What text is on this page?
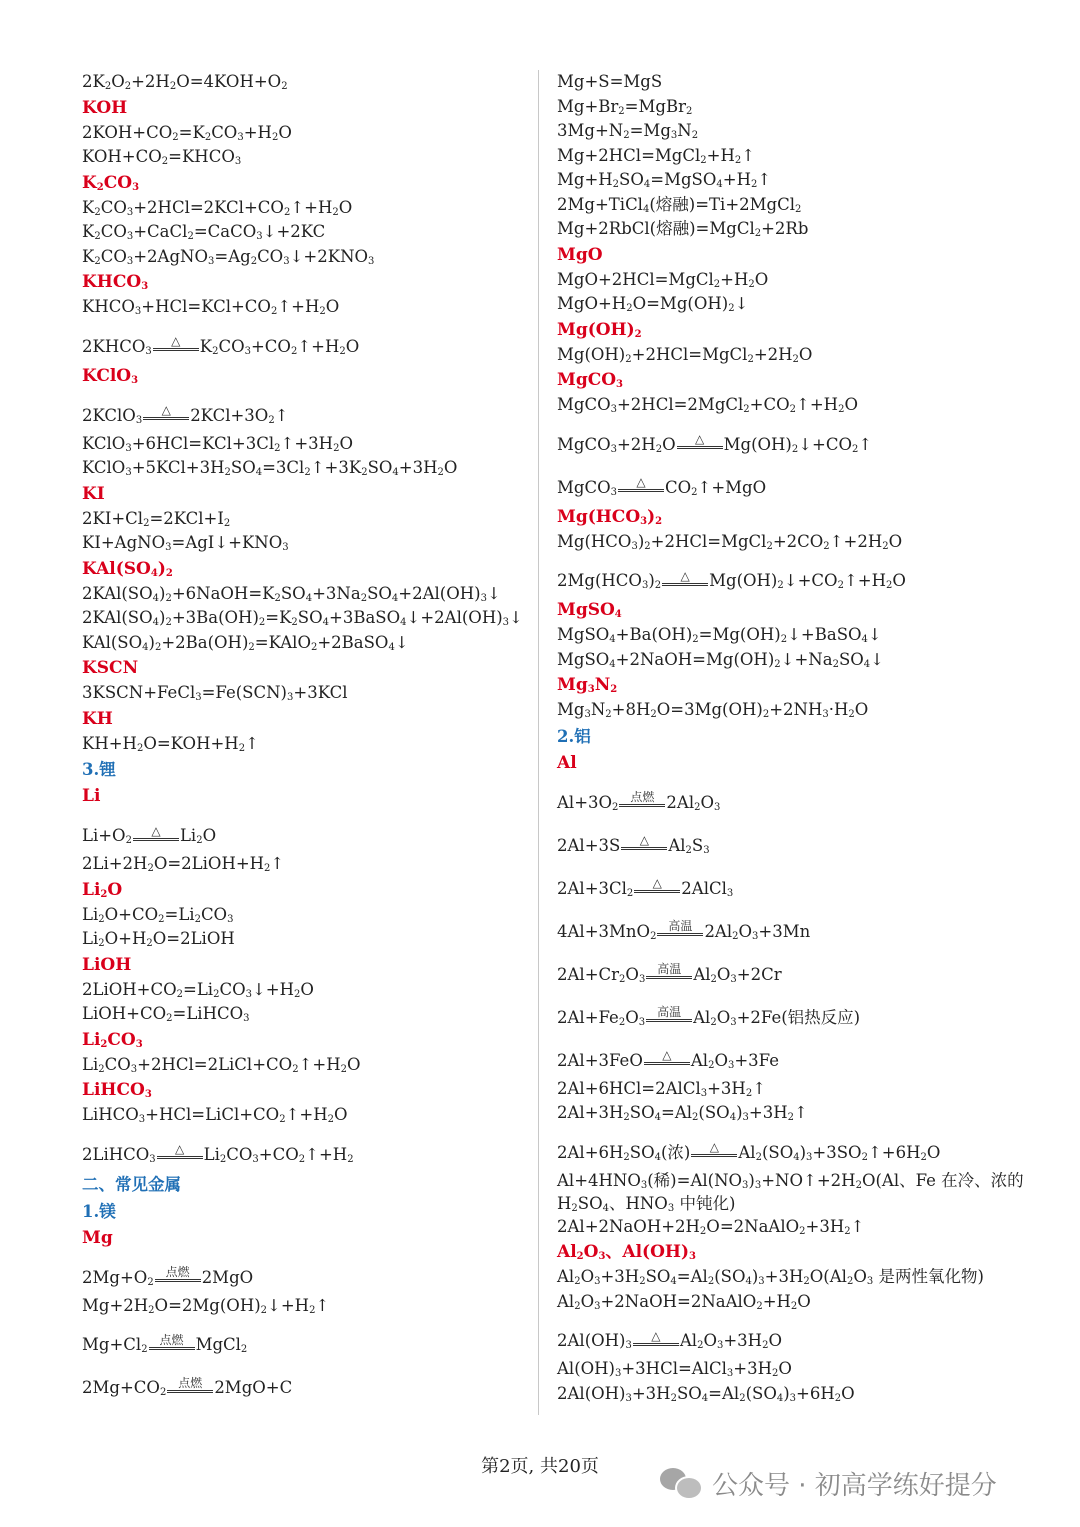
$2K_2O_2+2H_2O=4KOH+O_2$
KOH
$2KOH+CO_2=K_2CO_3+H_2O$
$KOH+CO_2=KHCO_3$
$K_2CO_3$
$K_2CO_3+2HCl=2KCl+CO_2↑+H_2O$
$K_2CO_3+CaCl_2=CaCO_3↓+2KC$
$K_2CO_3+2AgNO_3=Ag_2CO_3↓+2KNO_3$
$KHCO_3$
$KHCO_3+HCl=KCl+CO_2↑+H_2O$
$2KHCO_3$
△ $K_2CO_3+CO_2↑+H_2O$
KClO$_3$
2KClO$_3$
△ $2KCl+3O_2↑$
$KClO_3+6HCl=KCl+3Cl_2↑+3H_2O$
$KClO_3+5KCl+3H_2SO_4=3Cl_2↑+3K_2SO_4+3H_2O$
KI
$2KI+Cl_2=2KCl+I_2$
$KI+AgNO_3=AgI↓+KNO_3$
$KAl(SO_4)_2$
$2KAl(SO_4)_2+6NaOH=K_2SO_4+3Na_2SO_4+2Al(OH)_3↓$
$2KAl(SO_4)_2+3Ba(OH)_2=K_2SO_4+3BaSO_4↓+2Al(OH)_3↓$
$KAl(SO_4)_2+2Ba(OH)_2=KAlO_2+2BaSO_4↓$
KSCN
$3KSCN+FeCl_3=Fe(SCN)_3+3KCl$
KH
$KH+H_2O=KOH+H_2↑$
3.锂
Li
$Li+O_2$
△ $Li_2O$
$2Li+2H_2O=2LiOH+H_2↑$
$Li_2O$
$Li_2O+CO_2=Li_2CO_3$
$Li_2O+H_2O=2LiOH$
LiOH
$2LiOH+CO_2=Li_2CO_3↓+H_2O$
$LiOH+CO_2=LiHCO_3$
$Li_2CO_3$
$Li_2CO_3+2HCl=2LiCl+CO_2↑+H_2O$
LiHCO$_3$
$LiHCO_3+HCl=LiCl+CO_2↑+H_2O$
2LiHCO$_3$
△ $Li_2CO_3+CO_2↑+H_2$
二、常见金属
1.镁
Mg
$2Mg+O_2$
点燃 2MgO
$Mg+2H_2O=2Mg(OH)_2↓+H_2↑$
$Mg+Cl_2$
点燃 MgCl$_2$
$2Mg+CO_2$
点燃 2MgO+C
Mg+S=MgS
$Mg+Br_2=MgBr_2$
$3Mg+N_2=Mg_3N_2$
$Mg+2HCl=MgCl_2+H_2↑$
$Mg+H_2SO_4=MgSO_4+H_2↑$
2Mg+TiCl$_4$(熔融)=Ti+2MgCl$_2$
Mg+2RbCl(熔融)=MgCl$_2$+2Rb
MgO
$MgO+2HCl=MgCl_2+H_2O$
$MgO+H_2O=Mg(OH)_2↓$
$Mg(OH)_2$
$Mg(OH)_2+2HCl=MgCl_2+2H_2O$
MgCO$_3$
$MgCO_3+2HCl=2MgCl_2+CO_2↑+H_2O$
$MgCO_3+2H_2O$ △ $Mg(OH)_2↓+CO_2↑$
MgCO$_3$
△ $CO_2↑+MgO$
$Mg(HCO_3)_2$
$Mg(HCO_3)_2+2HCl=MgCl_2+2CO_2↑+2H_2O$
$2Mg(HCO_3)_2$
△ $Mg(OH)_2↓+CO_2↑+H_2O$
MgSO$_4$
$MgSO_4+Ba(OH)_2=Mg(OH)_2↓+BaSO_4↓$
$MgSO_4+2NaOH=Mg(OH)_2↓+Na_2SO_4↓$
$Mg_3N_2$
$Mg_3N_2+8H_2O=3Mg(OH)_2+2NH_3\cdot H_2O$
2.铝
Al
$Al+3O_2$
点燃 $2Al_2O_3$
2Al+3S △ $Al_2S_3$
$2Al+3Cl_2$
△ 2AlCl$_3$
4Al+3MnO$_2$
高温 $2Al_2O_3+3Mn$
$2Al+Cr_2O_3$
高温 $Al_2O_3+2Cr$
$2Al+Fe_2O_3$
高温 $Al_2O_3+2Fe$(铝热反应)
2Al+3FeO △ $Al_2O_3+3Fe$
$2Al+6HCl=2AlCl_3+3H_2↑$
$2Al+3H_2SO_4=Al_2(SO_4)_3+3H_2↑$
$2Al+6H_2SO_4$(浓) △ $Al_2(SO_4)_3+3SO_2↑+6H_2O$
$Al+4HNO_3$(稀)$=Al(NO_3)_3+NO↑+2H_2O(Al$、Fe 在冷、浓的 $H_2SO_4$、$HNO_3$ 中钝化)
$2Al+2NaOH+2H_2O=2NaAlO_2+3H_2↑$
$Al_2O_3$、$Al(OH)_3$
$Al_2O_3+3H_2SO_4=Al_2(SO_4)_3+3H_2O(Al_2O_3$ 是两性氧化物)
$Al_2O_3+2NaOH=2NaAlO_2+H_2O$
$2Al(OH)_3$
△ $Al_2O_3+3H_2O$
$Al(OH)_3+3HCl=AlCl_3+3H_2O$
$2Al(OH)_3+3H_2SO_4=Al_2(SO_4)_3+6H_2O$
第2页, 共20页
公众号 · 初高学练好提分
